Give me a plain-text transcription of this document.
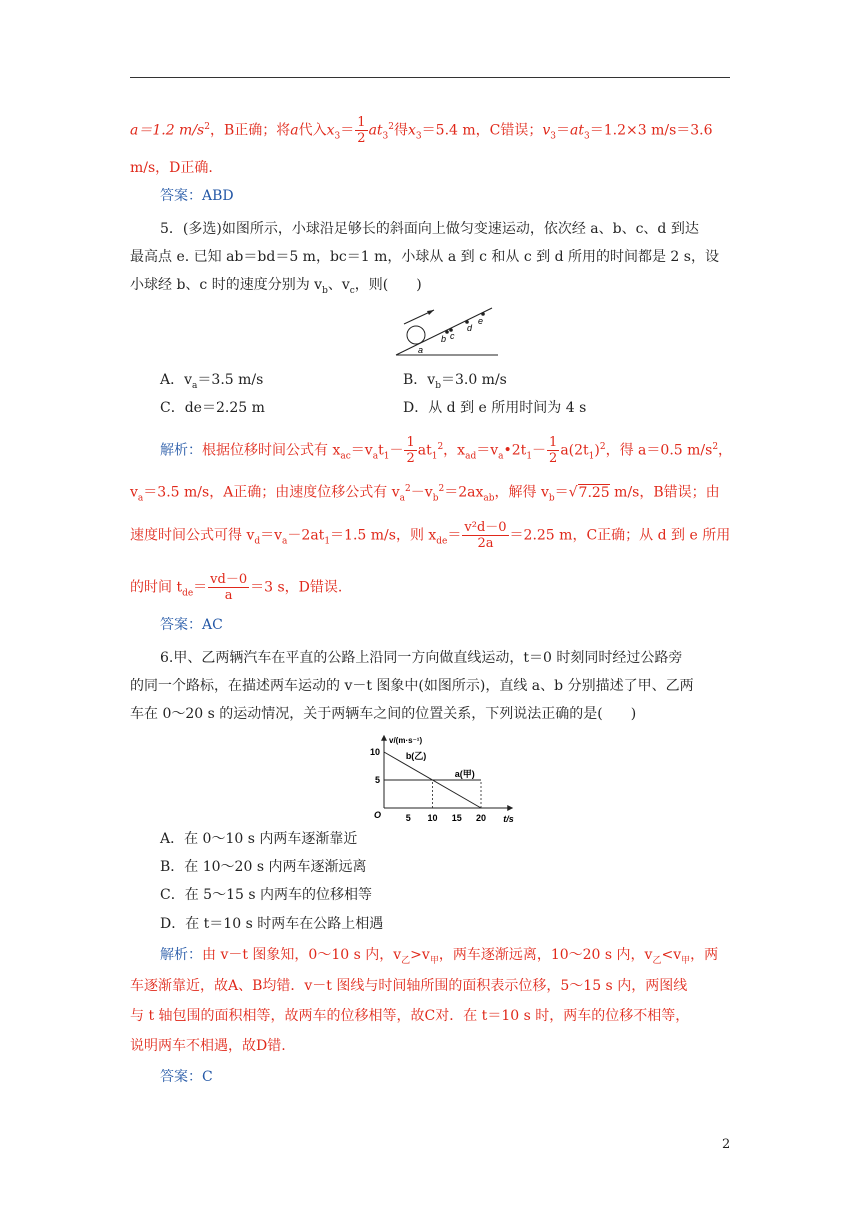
a＝1.2 $m/s^2$，B正确；将a代入$x_3= \frac{1}{2} at_3^2$得$x_3=5.4$ m，C错误；$v_3=at_3=1.2\times 3$ m/s＝3.6
m/s，D正确.
答案：ABD
5．(多选)如图所示，小球沿足够长的斜面向上做匀变速运动，依次经 a、b、c、d 到达
最高点 e. 已知 ab＝bd＝5 m，bc＝1 m，小球从 a 到 c 和从 c 到 d 所用的时间都是 2 s，设
小球经 b、c 时的速度分别为 $v_b$、$v_c$，则(　　)
a
b c
d
e
A．$v_a=3.5$ m/s	B．$v_b=3.0$ m/s
C．de＝2.25 m	D．从 d 到 e 所用时间为 4 s
解析：根据位移时间公式有 $x_{ac}=v_at_1- \frac{1}{2} at_1^2$，$x_{ad}=v_a•2t_1- \frac{1}{2} a(2t_1)^2$，得 a＝0.5 $m/s^2$，
$v_a=3.5$ m/s，A正确；由速度位移公式有 $v_a^2-v_b^2=2ax_{ab}$，解得 $v_b=√7.25$ m/s，B错误；由
速度时间公式可得 $v_d=v_a-2at_1=1.5$ m/s，则 $x_{de}= \frac{\text{v²d－0}}{2a} =2.25$ m，C正确；从 d 到 e 所用
的时间 $t_{de}= \frac{vd-0}{a} =3$ s，D错误.
答案：AC
6.甲、乙两辆汽车在平直的公路上沿同一方向做直线运动，t＝0 时刻同时经过公路旁
的同一个路标，在描述两车运动的 v－t 图象中(如图所示)，直线 a、b 分别描述了甲、乙两
车在 0～20 s 的运动情况，关于两辆车之间的位置关系，下列说法正确的是(　　)
v/(m·s⁻¹)
t/s
O	5 10 15 20
5
10
a(甲)
b(乙)
A．在 0～10 s 内两车逐渐靠近
B．在 10～20 s 内两车逐渐远离
C．在 5～15 s 内两车的位移相等
D．在 t＝10 s 时两车在公路上相遇
解析：由 v－t 图象知，0～10 s 内，$v_乙>v_甲$，两车逐渐远离，10～20 s 内，$v_乙<v_甲$，两
车逐渐靠近，故A、B均错．v－t 图线与时间轴所围的面积表示位移，5～15 s 内，两图线
与 t 轴包围的面积相等，故两车的位移相等，故C对．在 t＝10 s 时，两车的位移不相等，
说明两车不相遇，故D错.
答案：C
2
